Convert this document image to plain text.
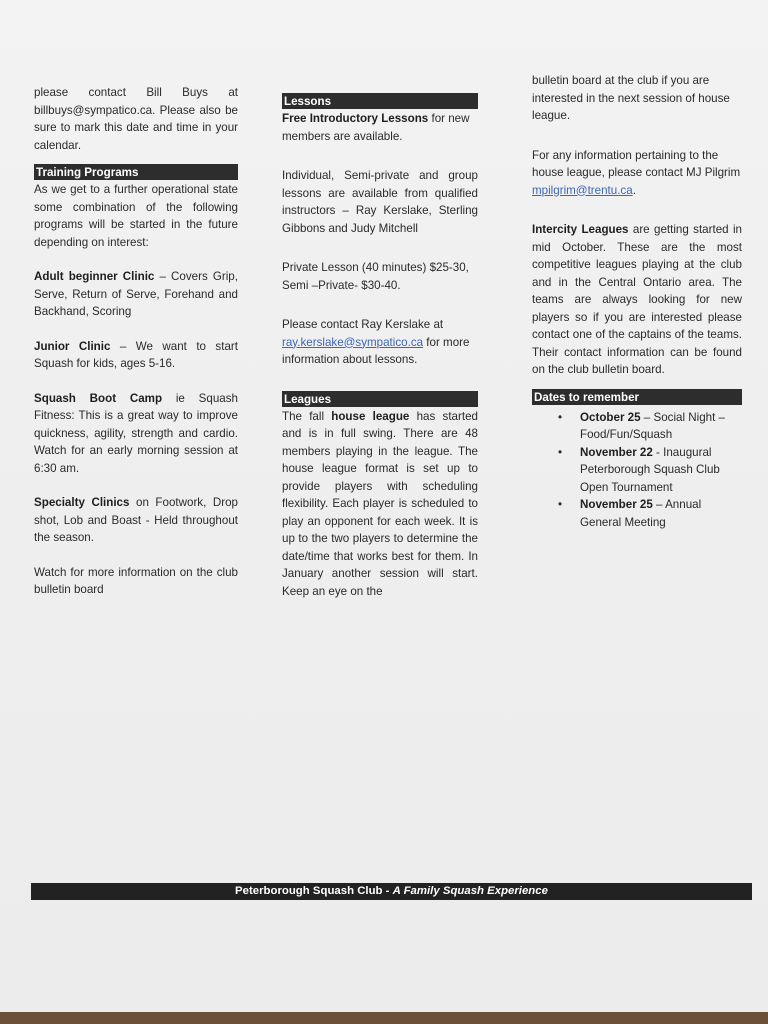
please contact Bill Buys at billbuys@sympatico.ca. Please also be sure to mark this date and time in your calendar.

Training Programs

As we get to a further operational state some combination of the following programs will be started in the future depending on interest:

Adult beginner Clinic – Covers Grip, Serve, Return of Serve, Forehand and Backhand, Scoring

Junior Clinic – We want to start Squash for kids, ages 5-16.

Squash Boot Camp ie Squash Fitness: This is a great way to improve quickness, agility, strength and cardio. Watch for an early morning session at 6:30 am.

Specialty Clinics on Footwork, Drop shot, Lob and Boast - Held throughout the season.

Watch for more information on the club bulletin board

Lessons

Free Introductory Lessons for new members are available.

Individual, Semi-private and group lessons are available from qualified instructors – Ray Kerslake, Sterling Gibbons and Judy Mitchell

Private Lesson (40 minutes) $25-30, Semi –Private- $30-40.

Please contact Ray Kerslake at ray.kerslake@sympatico.ca for more information about lessons.

Leagues

The fall house league has started and is in full swing. There are 48 members playing in the league. The house league format is set up to provide players with scheduling flexibility. Each player is scheduled to play an opponent for each week. It is up to the two players to determine the date/time that works best for them. In January another session will start. Keep an eye on the

bulletin board at the club if you are interested in the next session of house league.

For any information pertaining to the house league, please contact MJ Pilgrim mpilgrim@trentu.ca.

Intercity Leagues are getting started in mid October. These are the most competitive leagues playing at the club and in the Central Ontario area. The teams are always looking for new players so if you are interested please contact one of the captains of the teams. Their contact information can be found on the club bulletin board.

Dates to remember
• October 25 – Social Night – Food/Fun/Squash
• November 22 - Inaugural Peterborough Squash Club Open Tournament
• November 25 – Annual General Meeting
Peterborough Squash Club - A Family Squash Experience
